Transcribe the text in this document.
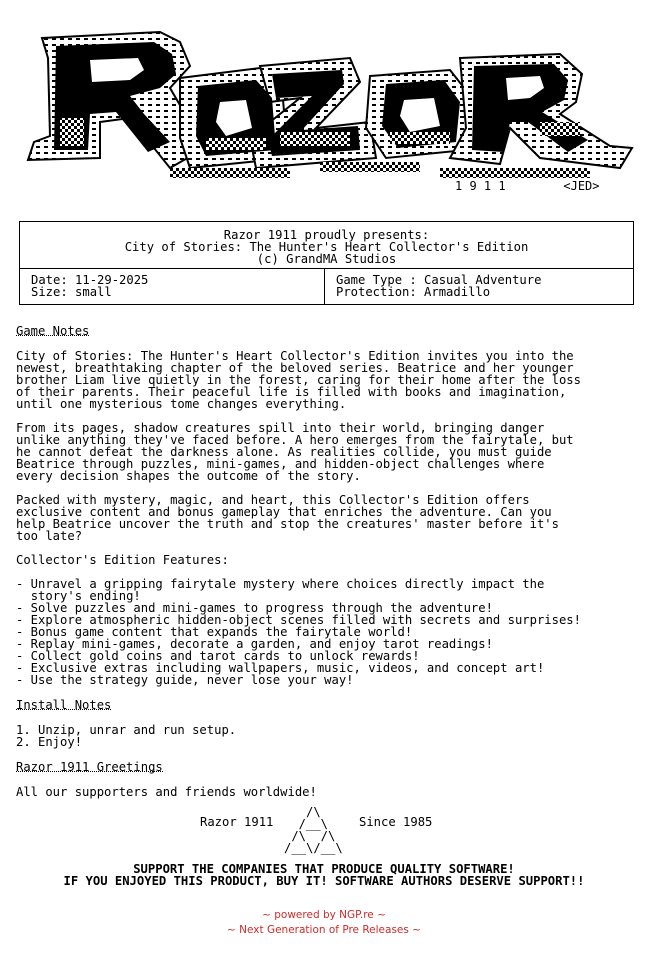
1 9 1 1	<JED>
Razor 1911 proudly presents:
City of Stories: The Hunter's Heart Collector's Edition
(c) GrandMA Studios
Date: 11-29-2025
Size: small
Game Type : Casual Adventure
Protection: Armadillo
Game Notes
City of Stories: The Hunter's Heart Collector's Edition invites you into the
newest, breathtaking chapter of the beloved series. Beatrice and her younger
brother Liam live quietly in the forest, caring for their home after the loss
of their parents. Their peaceful life is filled with books and imagination,
until one mysterious tome changes everything.
From its pages, shadow creatures spill into their world, bringing danger
unlike anything they've faced before. A hero emerges from the fairytale, but
he cannot defeat the darkness alone. As realities collide, you must guide
Beatrice through puzzles, mini-games, and hidden-object challenges where
every decision shapes the outcome of the story.
Packed with mystery, magic, and heart, this Collector's Edition offers
exclusive content and bonus gameplay that enriches the adventure. Can you
help Beatrice uncover the truth and stop the creatures' master before it's
too late?
Collector's Edition Features:
- Unravel a gripping fairytale mystery where choices directly impact the
story's ending!
- Solve puzzles and mini-games to progress through the adventure!
- Explore atmospheric hidden-object scenes filled with secrets and surprises!
- Bonus game content that expands the fairytale world!
- Replay mini-games, decorate a garden, and enjoy tarot readings!
- Collect gold coins and tarot cards to unlock rewards!
- Exclusive extras including wallpapers, music, videos, and concept art!
- Use the strategy guide, never lose your way!
Install Notes
1. Unzip, unrar and run setup.
2. Enjoy!
Razor 1911 Greetings
All our supporters and friends worldwide!
/\
/__\
/\  /\
/__\/__\
Razor 1911	Since 1985
SUPPORT THE COMPANIES THAT PRODUCE QUALITY SOFTWARE!
IF YOU ENJOYED THIS PRODUCT, BUY IT! SOFTWARE AUTHORS DESERVE SUPPORT!!
~ powered by NGP.re ~
~ Next Generation of Pre Releases ~
